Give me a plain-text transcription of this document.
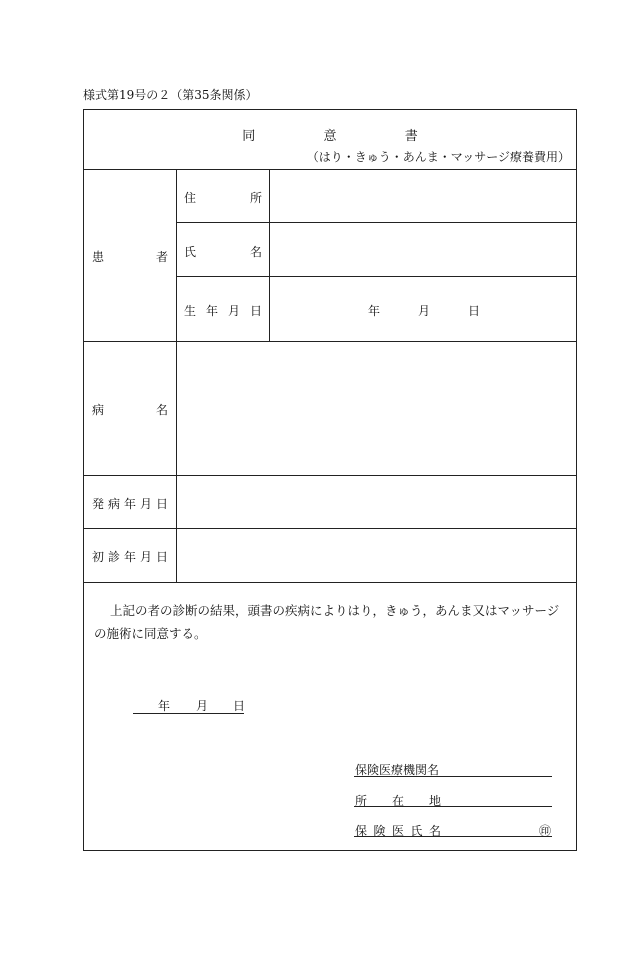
様式第19号の２（第35条関係）
同	意	書
（はり・きゅう・あんま・マッサージ療養費用）
患	者
住	所
氏	名
生 年 月 日	年	月	日
病	名
発 病 年 月 日
初 診 年 月 日
上記の者の診断の結果，頭書の疾病によりはり，きゅう，あんま又はマッサージ
の施術に同意する。
年 月 日
保険医療機関名
所 在 地
保 険 医 氏 名	㊞
